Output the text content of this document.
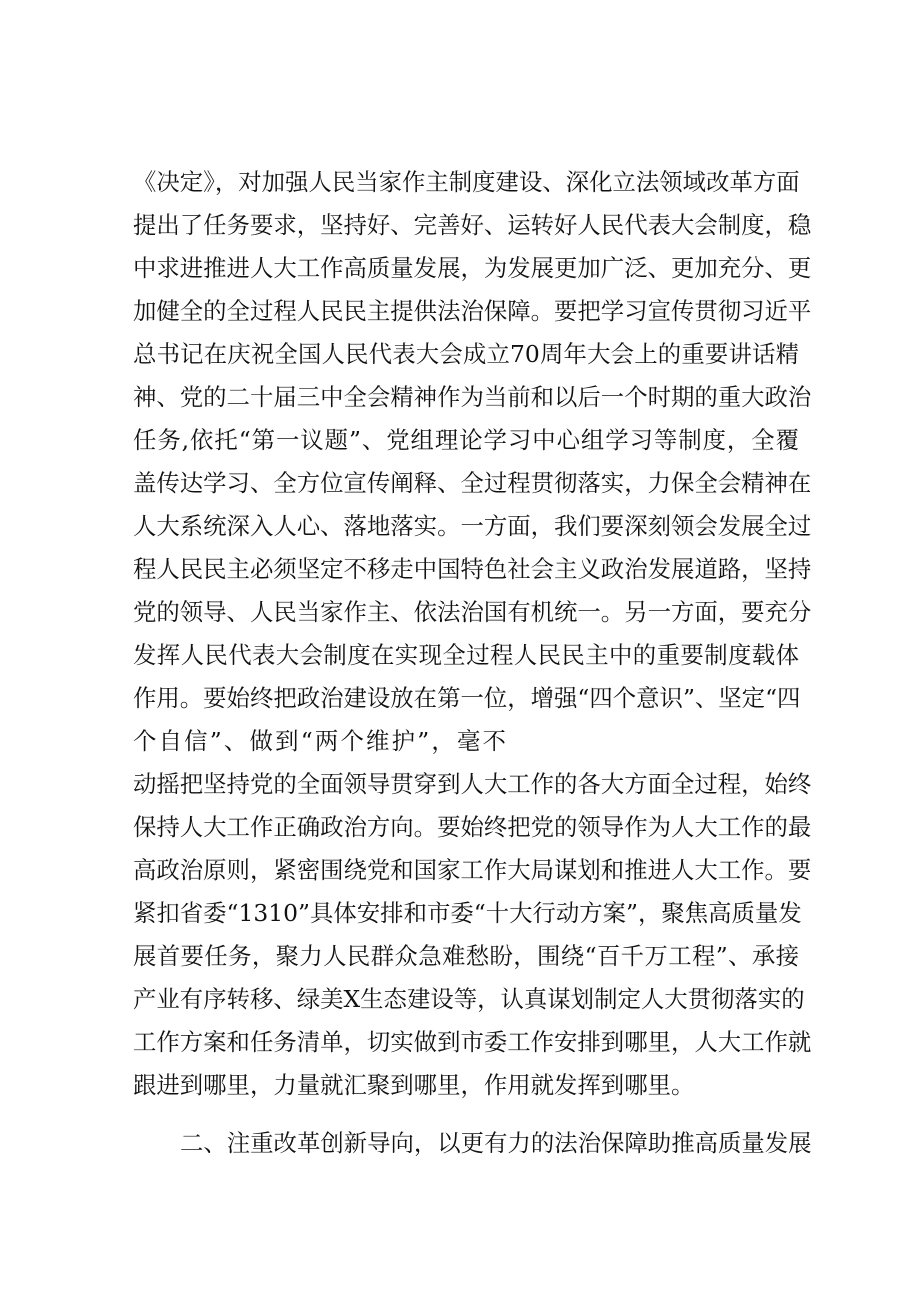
《决定》，对加强人民当家作主制度建设、深化立法领域改革方面
提出了任务要求，坚持好、完善好、运转好人民代表大会制度，稳
中求进推进人大工作高质量发展，为发展更加广泛、更加充分、更
加健全的全过程人民民主提供法治保障。要把学习宣传贯彻习近平
总书记在庆祝全国人民代表大会成立70周年大会上的重要讲话精
神、党的二十届三中全会精神作为当前和以后一个时期的重大政治
任务,依托“第一议题”、党组理论学习中心组学习等制度，全覆
盖传达学习、全方位宣传阐释、全过程贯彻落实，力保全会精神在
人大系统深入人心、落地落实。一方面，我们要深刻领会发展全过
程人民民主必须坚定不移走中国特色社会主义政治发展道路，坚持
党的领导、人民当家作主、依法治国有机统一。另一方面，要充分
发挥人民代表大会制度在实现全过程人民民主中的重要制度载体
作用。要始终把政治建设放在第一位，增强“四个意识”、坚定“四
个自信”、做到“两个维护”，毫不
动摇把坚持党的全面领导贯穿到人大工作的各大方面全过程，始终
保持人大工作正确政治方向。要始终把党的领导作为人大工作的最
高政治原则，紧密围绕党和国家工作大局谋划和推进人大工作。要
紧扣省委“1310”具体安排和市委“十大行动方案”，聚焦高质量发
展首要任务，聚力人民群众急难愁盼，围绕“百千万工程”、承接
产业有序转移、绿美X生态建设等，认真谋划制定人大贯彻落实的
工作方案和任务清单，切实做到市委工作安排到哪里，人大工作就
跟进到哪里，力量就汇聚到哪里，作用就发挥到哪里。
二、注重改革创新导向，以更有力的法治保障助推高质量发展
